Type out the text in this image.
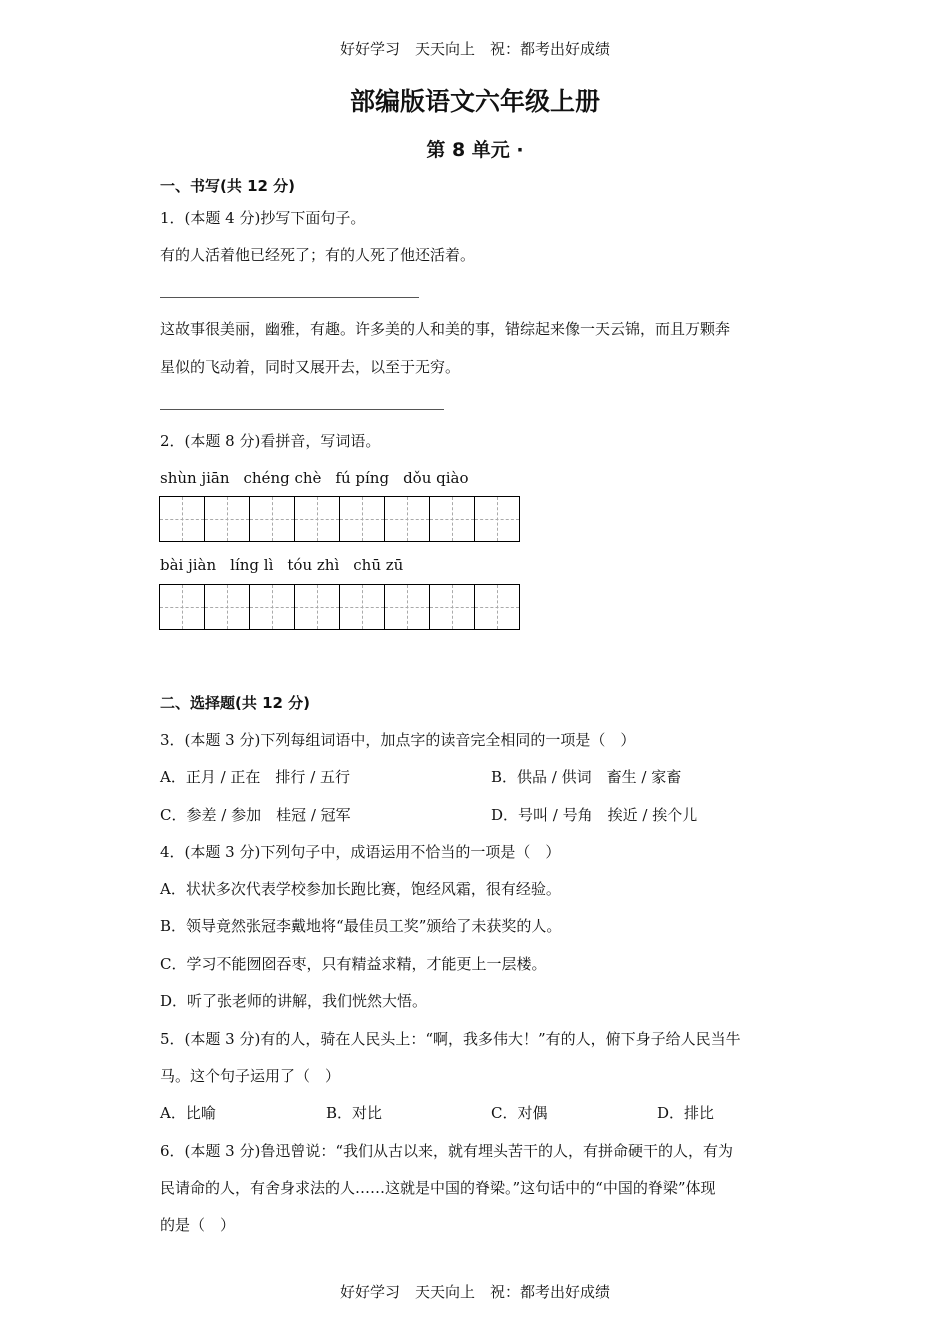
好好学习　天天向上　祝：都考出好成绩
部编版语文六年级上册
第 8 单元 ·
一、书写(共 12 分)
1．(本题 4 分)抄写下面句子。
有的人活着他已经死了；有的人死了他还活着。
这故事很美丽，幽雅，有趣。许多美的人和美的事，错综起来像一天云锦，而且万颗奔
星似的飞动着，同时又展开去，以至于无穷。
2．(本题 8 分)看拼音，写词语。
shùn jiān chéng chè fú píng dǒu qiào
bài jiàn líng lì tóu zhì chū zū
二、选择题(共 12 分)
3．(本题 3 分)下列每组词语中，加点字的读音完全相同的一项是（　）
A．正月 / 正在　排行 / 五行	B．供品 / 供词　畜生 / 家畜
C．参差 / 参加　桂冠 / 冠军	D．号叫 / 号角　挨近 / 挨个儿
4．(本题 3 分)下列句子中，成语运用不恰当的一项是（　）
A．状状多次代表学校参加长跑比赛，饱经风霜，很有经验。
B．领导竟然张冠李戴地将“最佳员工奖”颁给了未获奖的人。
C．学习不能囫囵吞枣，只有精益求精，才能更上一层楼。
D．听了张老师的讲解，我们恍然大悟。
5．(本题 3 分)有的人，骑在人民头上：“啊，我多伟大！”有的人，俯下身子给人民当牛
马。这个句子运用了（　）
A．比喻	B．对比	C．对偶	D．排比
6．(本题 3 分)鲁迅曾说：“我们从古以来，就有埋头苦干的人，有拼命硬干的人，有为
民请命的人，有舍身求法的人……这就是中国的脊梁。”这句话中的“中国的脊梁”体现
的是（　）
好好学习　天天向上　祝：都考出好成绩
